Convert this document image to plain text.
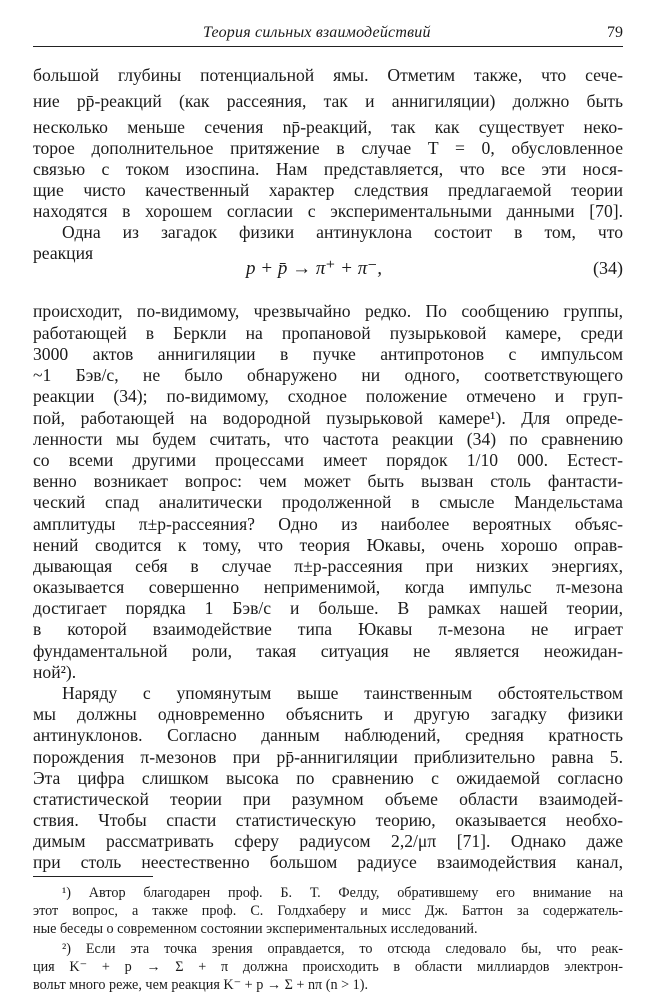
Теория сильных взаимодействий	79
большой глубины потенциальной ямы. Отметим также, что сече-
ние pp̄-реакций (как рассеяния, так и аннигиляции) должно быть
несколько меньше сечения np̄-реакций, так как существует неко-
торое дополнительное притяжение в случае T = 0, обусловленное
связью с током изоспина. Нам представляется, что все эти нося-
щие чисто качественный характер следствия предлагаемой теории
находятся в хорошем согласии с экспериментальными данными [70].
Одна из загадок физики антинуклона состоит в том, что
реакция
p + p̄ → π⁺ + π⁻,	(34)
происходит, по-видимому, чрезвычайно редко. По сообщению группы,
работающей в Беркли на пропановой пузырьковой камере, среди
3000 актов аннигиляции в пучке антипротонов с импульсом
~1 Бэв/c, не было обнаружено ни одного, соответствующего
реакции (34); по-видимому, сходное положение отмечено и груп-
пой, работающей на водородной пузырьковой камере¹). Для опреде-
ленности мы будем считать, что частота реакции (34) по сравнению
со всеми другими процессами имеет порядок 1/10 000. Естест-
венно возникает вопрос: чем может быть вызван столь фантасти-
ческий спад аналитически продолженной в смысле Мандельстама
амплитуды π±p-рассеяния? Одно из наиболее вероятных объяс-
нений сводится к тому, что теория Юкавы, очень хорошо оправ-
дывающая себя в случае π±p-рассеяния при низких энергиях,
оказывается совершенно неприменимой, когда импульс π-мезона
достигает порядка 1 Бэв/c и больше. В рамках нашей теории,
в которой взаимодействие типа Юкавы π-мезона не играет
фундаментальной роли, такая ситуация не является неожидан-
ной²).
Наряду с упомянутым выше таинственным обстоятельством
мы должны одновременно объяснить и другую загадку физики
антинуклонов. Согласно данным наблюдений, средняя кратность
порождения π-мезонов при pp̄-аннигиляции приблизительно равна 5.
Эта цифра слишком высока по сравнению с ожидаемой согласно
статистической теории при разумном объеме области взаимодей-
ствия. Чтобы спасти статистическую теорию, оказывается необхо-
димым рассматривать сферу радиусом 2,2/μπ [71]. Однако даже
при столь неестественно большом радиусе взаимодействия канал,
¹) Автор благодарен проф. Б. Т. Фелду, обратившему его внимание на
этот вопрос, а также проф. С. Голдхаберу и мисс Дж. Баттон за содержатель-
ные беседы о современном состоянии экспериментальных исследований.
²) Если эта точка зрения оправдается, то отсюда следовало бы, что реак-
ция K⁻ + p → Σ + π должна происходить в области миллиардов электрон-
вольт много реже, чем реакция K⁻ + p → Σ + nπ (n > 1).
